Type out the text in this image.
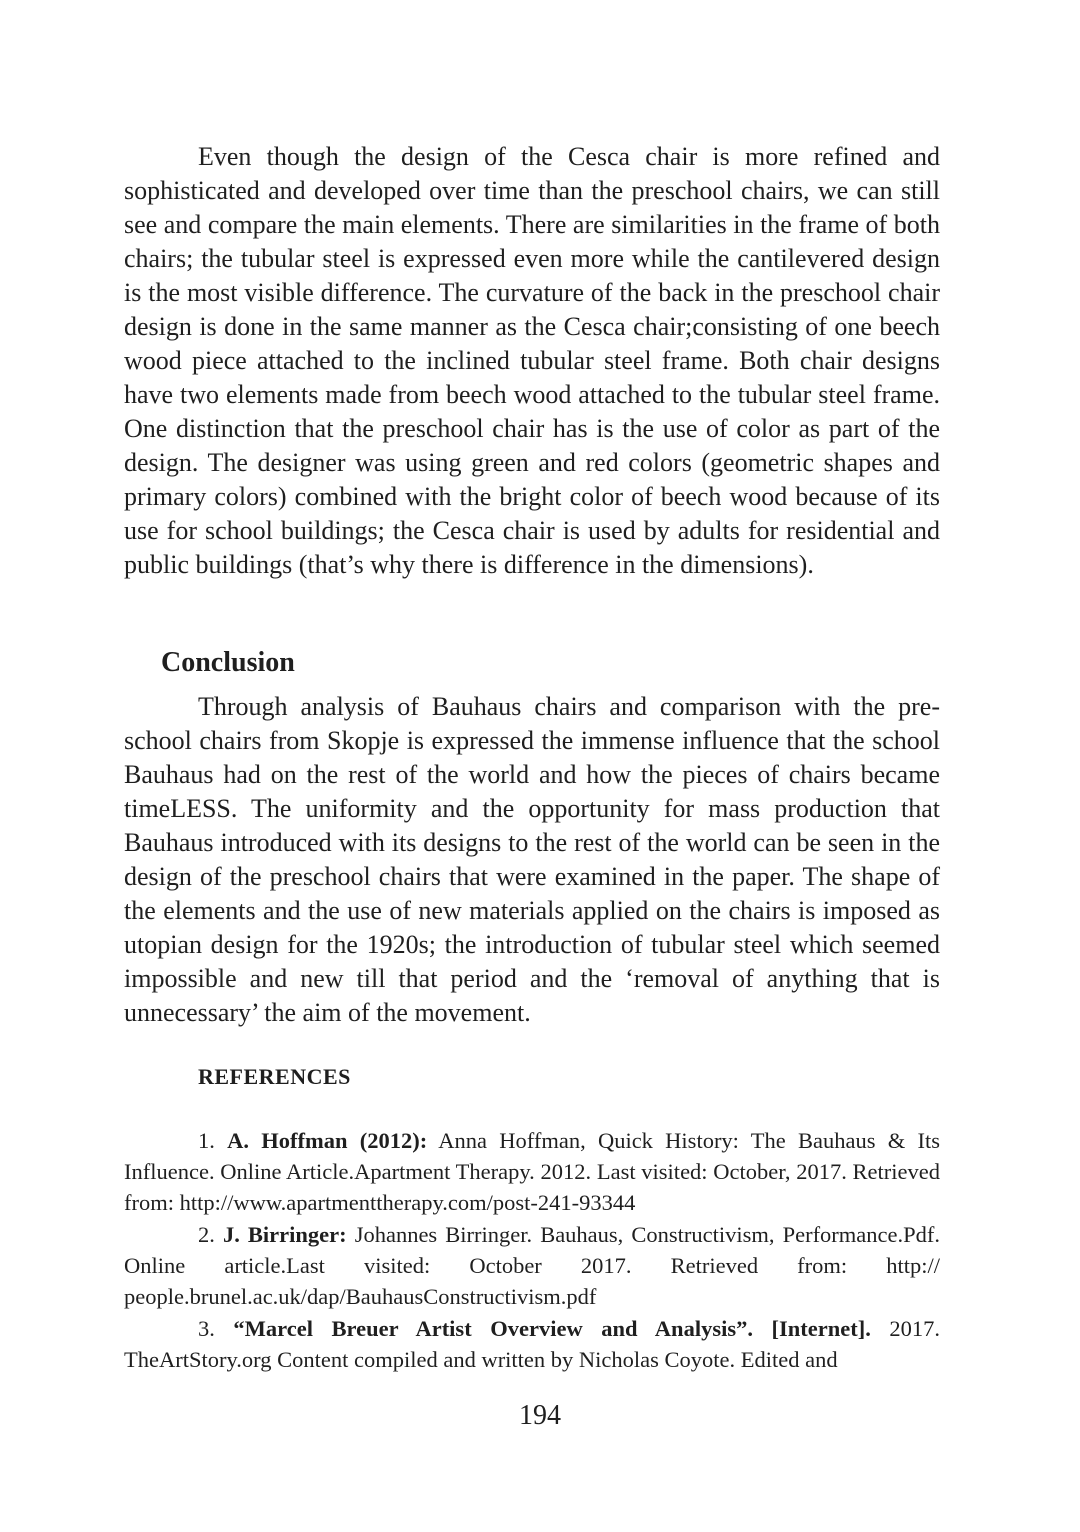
Even though the design of the Cesca chair is more refined and sophisticated and developed over time than the preschool chairs, we can still see and compare the main elements. There are similarities in the frame of both chairs; the tubular steel is expressed even more while the cantilevered design is the most visible difference. The curvature of the back in the preschool chair design is done in the same manner as the Cesca chair;consisting of one beech wood piece attached to the inclined tubular steel frame. Both chair designs have two elements made from beech wood attached to the tubular steel frame. One distinction that the preschool chair has is the use of color as part of the design. The designer was using green and red colors (geometric shapes and primary colors) combined with the bright color of beech wood because of its use for school buildings; the Cesca chair is used by adults for residential and public buildings (that’s why there is difference in the dimensions).

Conclusion

Through analysis of Bauhaus chairs and comparison with the preschool chairs from Skopje is expressed the immense influence that the school Bauhaus had on the rest of the world and how the pieces of chairs became timeLESS. The uniformity and the opportunity for mass production that Bauhaus introduced with its designs to the rest of the world can be seen in the design of the preschool chairs that were examined in the paper. The shape of the elements and the use of new materials applied on the chairs is imposed as utopian design for the 1920s; the introduction of tubular steel which seemed impossible and new till that period and the ‘removal of anything that is unnecessary’ the aim of the movement.

REFERENCES

1. A. Hoffman (2012): Anna Hoffman, Quick History: The Bauhaus & Its Influence. Online Article.Apartment Therapy. 2012. Last visited: October, 2017. Retrieved from: http://www.apartmenttherapy.com/post-241-93344

2. J. Birringer: Johannes Birringer. Bauhaus, Constructivism, Performance.Pdf. Online article.Last visited: October 2017. Retrieved from: http://​people.brunel.ac.uk/dap/BauhausConstructivism.pdf

3. “Marcel Breuer Artist Overview and Analysis”. [Internet]. 2017. TheArtStory.org Content compiled and written by Nicholas Coyote. Edited and

194
